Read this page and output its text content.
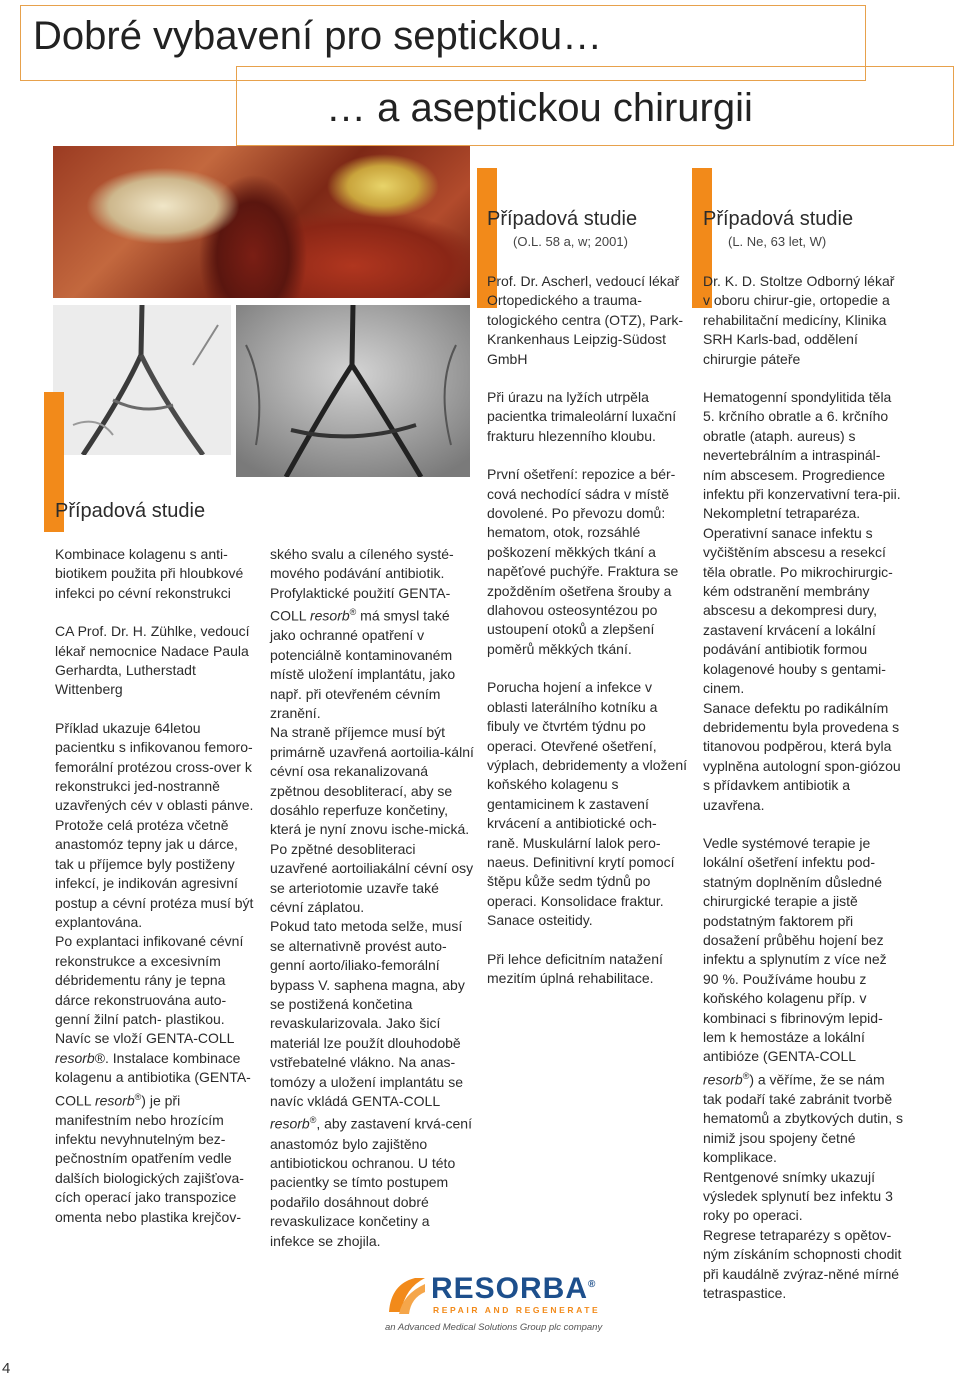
Dobré vybavení pro septickou…
… a aseptickou chirurgii
Případová studie

Kombinace kolagenu s anti-biotikem použita při hloubkové infekci po cévní rekonstrukci

CA Prof. Dr. H. Zühlke, vedoucí lékař nemocnice Nadace Paula Gerhardta, Lutherstadt Wittenberg

Příklad ukazuje 64letou pacientku s infikovanou femoro-femorální protézou cross-over k rekonstrukci jed-nostranně uzavřených cév v oblasti pánve. Protože celá protéza včetně anastomóz tepny jak u dárce, tak u příjemce byly postiženy infekcí, je indikován agresivní postup a cévní protéza musí být explantována.

Po explantaci infikované cévní rekonstrukce a excesivním débridementu rány je tepna dárce rekonstruována auto-genní žilní patch- plastikou. Navíc se vloží GENTA-COLL resorb®. Instalace kombinace kolagenu a antibiotika (GENTA-COLL resorb®) je při manifestním nebo hrozícím infektu nevyhnutelným bez-pečnostním opatřením vedle dalších biologických zajišťova-cích operací jako transpozice omenta nebo plastika krejčov-

ského svalu a cíleného systé-mového podávání antibiotik.

Profylaktické použití GENTA-COLL resorb® má smysl také jako ochranné opatření v potenciálně kontaminovaném místě uložení implantátu, jako např. při otevřeném cévním zranění.

Na straně příjemce musí být primárně uzavřená aortoilia-kální cévní osa rekanalizovaná zpětnou desobliterací, aby se dosáhlo reperfuze končetiny, která je nyní znovu ische-mická. Po zpětné desobliteraci uzavřené aortoiliakální cévní osy se arteriotomie uzavře také cévní záplatou.

Pokud tato metoda selže, musí se alternativně provést auto-genní aorto/iliako-femorální bypass V. saphena magna, aby se postižená končetina revaskularizovala. Jako šicí materiál lze použít dlouhodobě vstřebatelné vlákno. Na anas-tomózy a uložení implantátu se navíc vkládá GENTA-COLL resorb®, aby zastavení krvá-cení anastomóz bylo zajištěno antibiotickou ochranou. U této pacientky se tímto postupem podařilo dosáhnout dobré revaskulizace končetiny a infekce se zhojila.

Případová studie
(O.L. 58 a, w; 2001)
Prof. Dr. Ascherl, vedoucí lékař Ortopedického a trauma-tologického centra (OTZ), Park-Krankenhaus Leipzig-Südost GmbH

Při úrazu na lyžích utrpěla pacientka trimaleolární luxační frakturu hlezenního kloubu.

První ošetření: repozice a bér-cová nechodící sádra v místě dovolené. Po převozu domů: hematom, otok, rozsáhlé poškození měkkých tkání a napěťové puchýře. Fraktura se zpožděním ošetřena šrouby a dlahovou osteosyntézou po ustoupení otoků a zlepšení poměrů měkkých tkání.

Porucha hojení a infekce v oblasti laterálního kotníku a fibuly ve čtvrtém týdnu po operaci. Otevřené ošetření, výplach, debridementy a vložení koňského kolagenu s gentamicinem k zastavení krvácení a antibiotické och-raně. Muskulární lalok pero-naeus. Definitivní krytí pomocí štěpu kůže sedm týdnů po operaci. Konsolidace fraktur. Sanace osteitidy.

Při lehce deficitním natažení mezitím úplná rehabilitace.

Případová studie
(L. Ne, 63 let, W)
Dr. K. D. Stoltze Odborný lékař v oboru chirur-gie, ortopedie a rehabilitační medicíny, Klinika SRH Karls-bad, oddělení chirurgie páteře

Hematogenní spondylitida těla 5. krčního obratle a 6. krčního obratle (ataph. aureus) s nevertebrálním a intraspinál-ním abscesem. Progredience infektu při konzervativní tera-pii. Nekompletní tetraparéza. Operativní sanace infektu s vyčištěním abscesu a resekcí těla obratle. Po mikrochirurgic-kém odstranění membrány abscesu a dekompresi dury, zastavení krvácení a lokální podávání antibiotik formou kolagenové houby s gentami-cinem.

Sanace defektu po radikálním debridementu byla provedena s titanovou podpěrou, která byla vyplněna autologní spon-giózou s přídavkem antibiotik a uzavřena.

Vedle systémové terapie je lokální ošetření infektu pod-statným doplněním důsledné chirurgické terapie a jistě podstatným faktorem při dosažení průběhu hojení bez infektu a splynutím z více než 90 %. Používáme houbu z koňského kolagenu příp. v kombinaci s fibrinovým lepid-lem k hemostáze a lokální antibióze (GENTA-COLL resorb®) a věříme, že se nám tak podaří také zabránit tvorbě hematomů a zbytkových dutin, s nimiž jsou spojeny četné komplikace.

Rentgenové snímky ukazují výsledek splynutí bez infektu 3 roky po operaci.

Regrese tetraparézy s opětov-ným získáním schopnosti chodit při kaudálně zvýraz-něné mírné tetraspastice.

RESORBA®
REPAIR AND REGENERATE
an Advanced Medical Solutions Group plc company
4
